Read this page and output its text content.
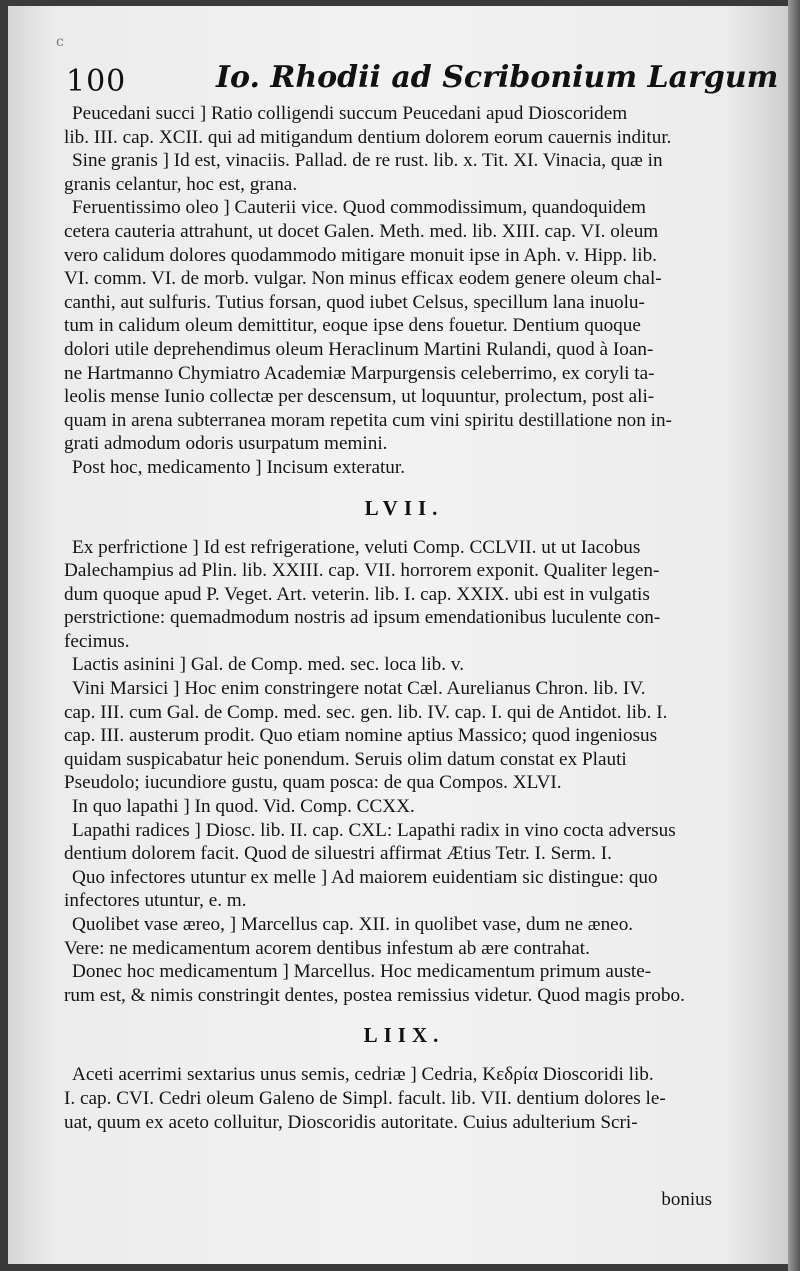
c
100	Io. Rhodii ad Scribonium Largum
Peucedani succi ] Ratio colligendi succum Peucedani apud Dioscoridem
lib. III. cap. XCII. qui ad mitigandum dentium dolorem eorum cauernis inditur.
Sine granis ] Id est, vinaciis. Pallad. de re rust. lib. x. Tit. XI. Vinacia, quæ in
granis celantur, hoc est, grana.
Feruentissimo oleo ] Cauterii vice. Quod commodissimum, quandoquidem
cetera cauteria attrahunt, ut docet Galen. Meth. med. lib. XIII. cap. VI. oleum
vero calidum dolores quodammodo mitigare monuit ipse in Aph. v. Hipp. lib.
VI. comm. VI. de morb. vulgar. Non minus efficax eodem genere oleum chal-
canthi, aut sulfuris. Tutius forsan, quod iubet Celsus, specillum lana inuolu-
tum in calidum oleum demittitur, eoque ipse dens fouetur. Dentium quoque
dolori utile deprehendimus oleum Heraclinum Martini Rulandi, quod à Ioan-
ne Hartmanno Chymiatro Academiæ Marpurgensis celeberrimo, ex coryli ta-
leolis mense Iunio collectæ per descensum, ut loquuntur, prolectum, post ali-
quam in arena subterranea moram repetita cum vini spiritu destillatione non in-
grati admodum odoris usurpatum memini.
Post hoc, medicamento ] Incisum exteratur.
LVII.
Ex perfrictione ] Id est refrigeratione, veluti Comp. CCLVII. ut ut Iacobus
Dalechampius ad Plin. lib. XXIII. cap. VII. horrorem exponit. Qualiter legen-
dum quoque apud P. Veget. Art. veterin. lib. I. cap. XXIX. ubi est in vulgatis
perstrictione: quemadmodum nostris ad ipsum emendationibus luculente con-
fecimus.
Lactis asinini ] Gal. de Comp. med. sec. loca lib. v.
Vini Marsici ] Hoc enim constringere notat Cæl. Aurelianus Chron. lib. IV.
cap. III. cum Gal. de Comp. med. sec. gen. lib. IV. cap. I. qui de Antidot. lib. I.
cap. III. austerum prodit. Quo etiam nomine aptius Massico; quod ingeniosus
quidam suspicabatur heic ponendum. Seruis olim datum constat ex Plauti
Pseudolo; iucundiore gustu, quam posca: de qua Compos. XLVI.
In quo lapathi ] In quod. Vid. Comp. CCXX.
Lapathi radices ] Diosc. lib. II. cap. CXL: Lapathi radix in vino cocta adversus
dentium dolorem facit. Quod de siluestri affirmat Ætius Tetr. I. Serm. I.
Quo infectores utuntur ex melle ] Ad maiorem euidentiam sic distingue: quo
infectores utuntur, e. m.
Quolibet vase æreo, ] Marcellus cap. XII. in quolibet vase, dum ne æneo.
Vere: ne medicamentum acorem dentibus infestum ab ære contrahat.
Donec hoc medicamentum ] Marcellus. Hoc medicamentum primum auste-
rum est, & nimis constringit dentes, postea remissius videtur. Quod magis probo.
LIIX.
Aceti acerrimi sextarius unus semis, cedriæ ] Cedria, Κεδρία Dioscoridi lib.
I. cap. CVI. Cedri oleum Galeno de Simpl. facult. lib. VII. dentium dolores le-
uat, quum ex aceto colluitur, Dioscoridis autoritate. Cuius adulterium Scri-
bonius
